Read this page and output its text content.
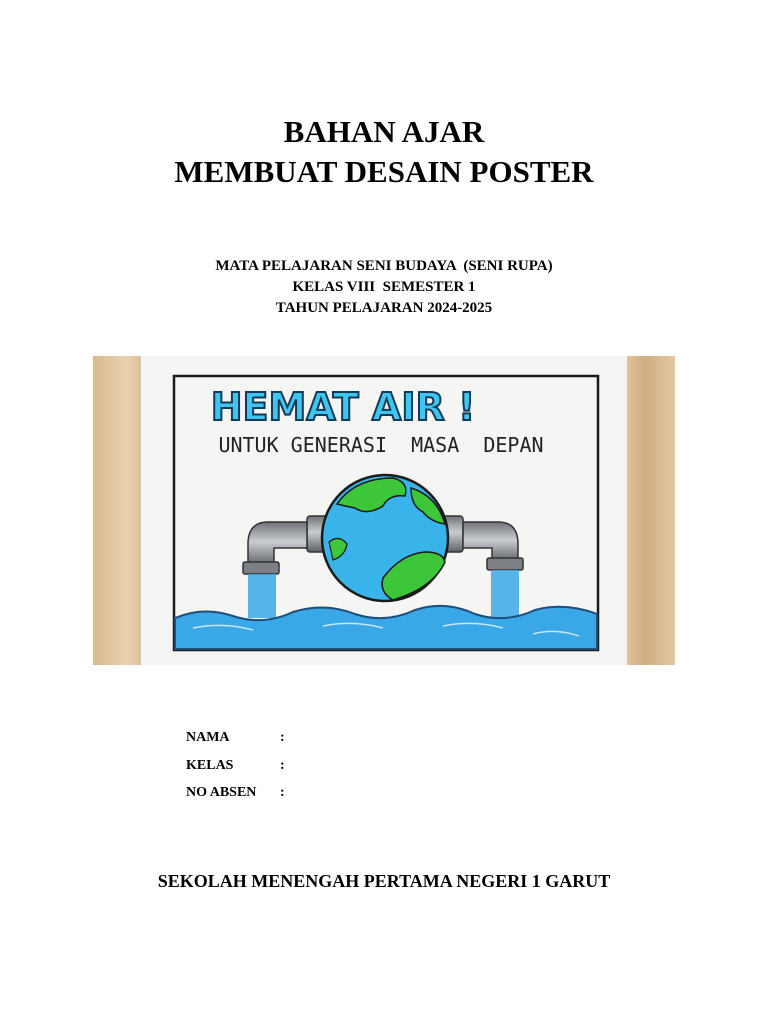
BAHAN AJAR
MEMBUAT DESAIN POSTER
MATA PELAJARAN SENI BUDAYA  (SENI RUPA)
KELAS VIII  SEMESTER 1
TAHUN PELAJARAN 2024-2025
HEMAT AIR !
UNTUK GENERASI  MASA  DEPAN
NAMA	:
KELAS	:
NO ABSEN	:
SEKOLAH MENENGAH PERTAMA NEGERI 1 GARUT
